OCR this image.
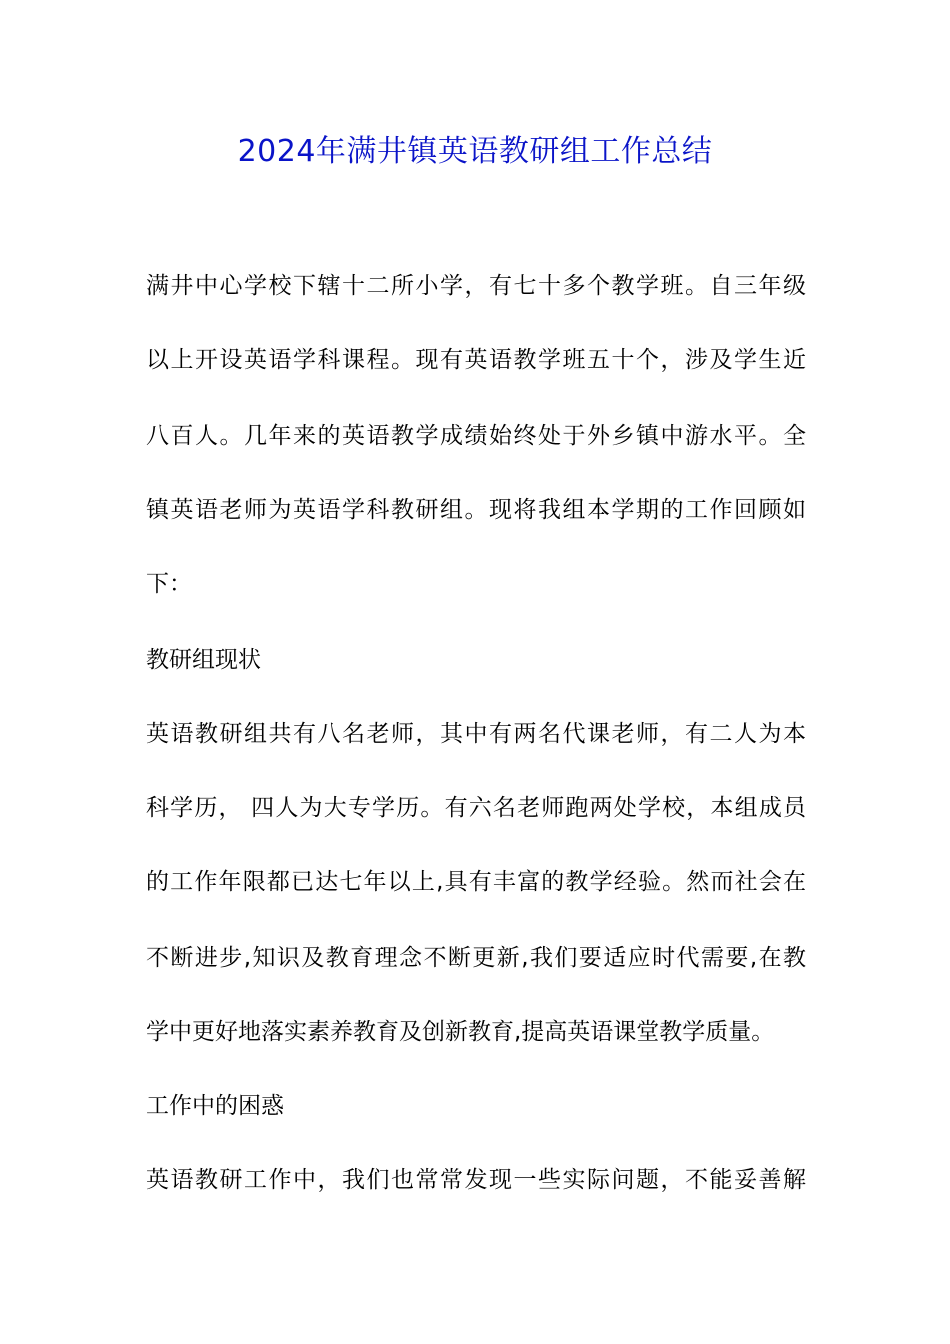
2024年满井镇英语教研组工作总结
满井中心学校下辖十二所小学，有七十多个教学班。自三年级
以上开设英语学科课程。现有英语教学班五十个，涉及学生近
八百人。几年来的英语教学成绩始终处于外乡镇中游水平。全
镇英语老师为英语学科教研组。现将我组本学期的工作回顾如
下：
教研组现状
英语教研组共有八名老师，其中有两名代课老师，有二人为本
科学历， 四人为大专学历。有六名老师跑两处学校，本组成员
的工作年限都已达七年以上,具有丰富的教学经验。然而社会在
不断进步,知识及教育理念不断更新,我们要适应时代需要,在教
学中更好地落实素养教育及创新教育,提高英语课堂教学质量。
工作中的困惑
英语教研工作中，我们也常常发现一些实际问题，不能妥善解
